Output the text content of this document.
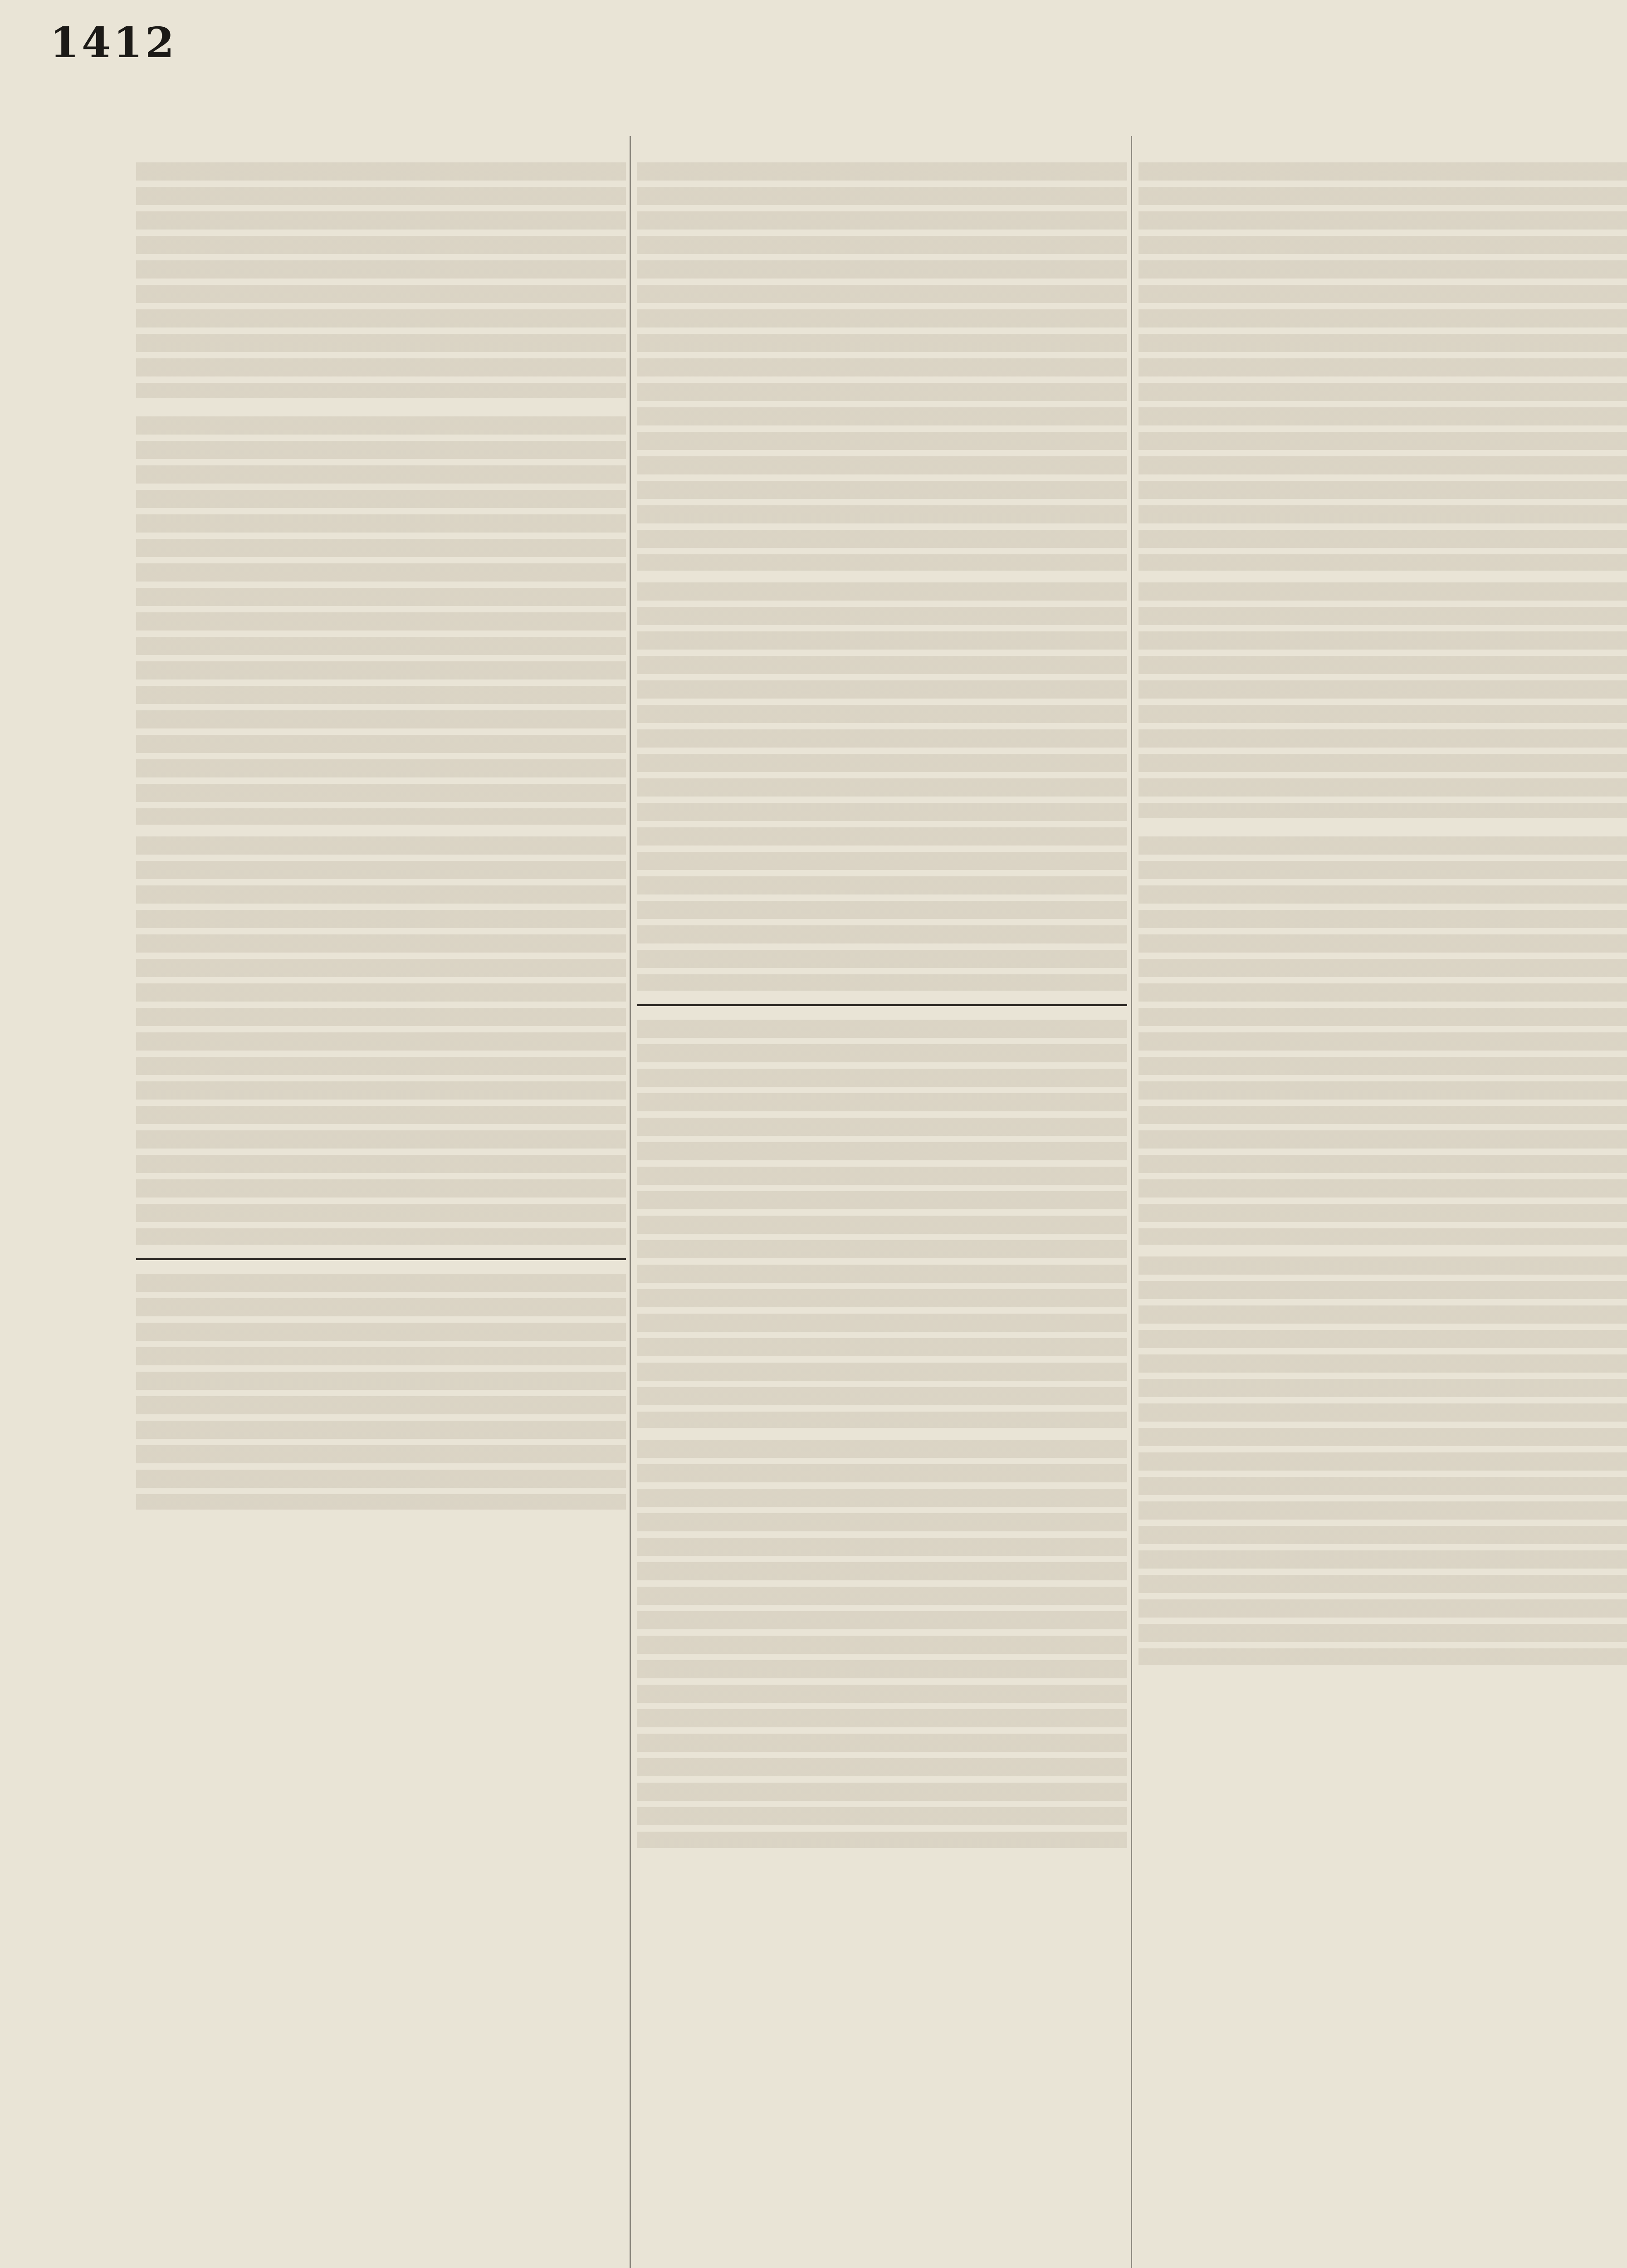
1412
